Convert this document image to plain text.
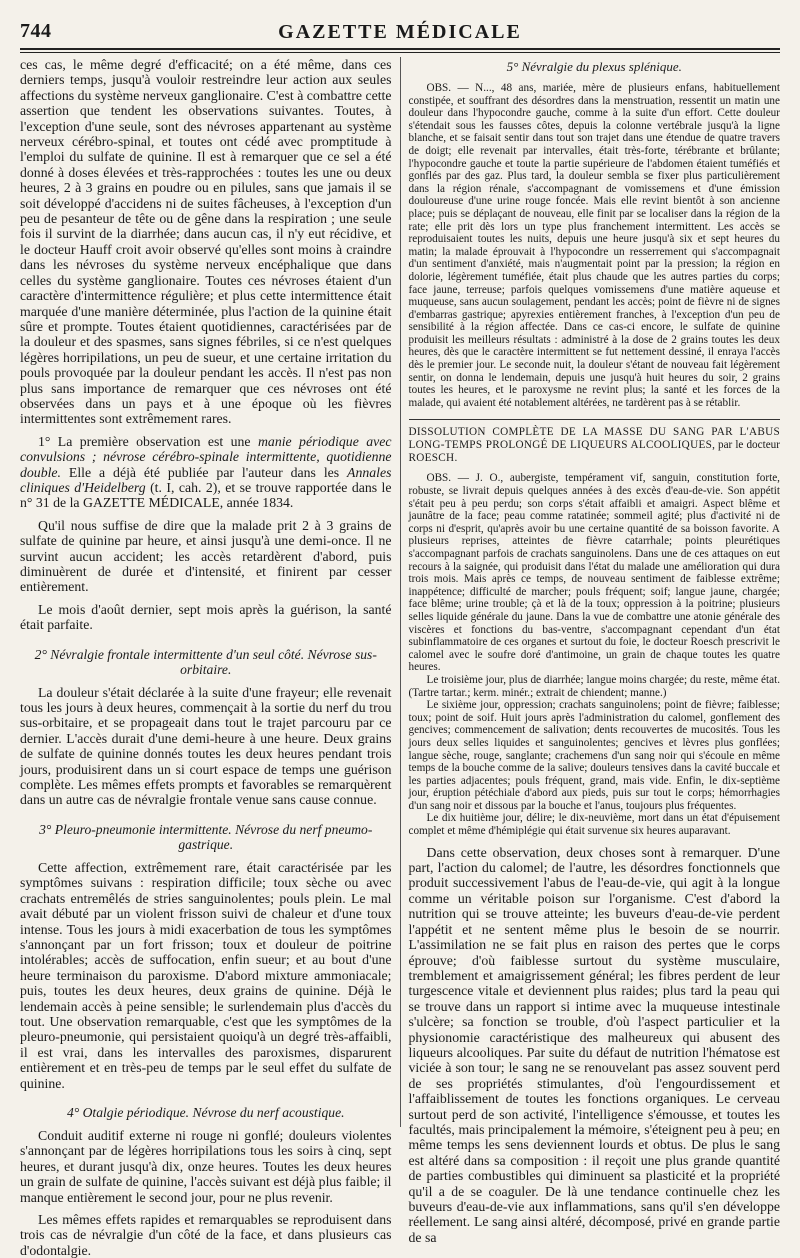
744	GAZETTE MÉDICALE

ces cas, le même degré d'efficacité; on a été même, dans ces derniers temps, jusqu'à vouloir restreindre leur action aux seules affections du système nerveux ganglionaire. C'est à combattre cette assertion que tendent les observations suivantes. Toutes, à l'exception d'une seule, sont des névroses appartenant au système nerveux cérébro-spinal, et toutes ont cédé avec promptitude à l'emploi du sulfate de quinine. Il est à remarquer que ce sel a été donné à doses élevées et très-rapprochées : toutes les une ou deux heures, 2 à 3 grains en poudre ou en pilules, sans que jamais il se soit développé d'accidens ni de suites fâcheuses, à l'exception d'un peu de pesanteur de tête ou de gêne dans la respiration ; une seule fois il survint de la diarrhée; dans aucun cas, il n'y eut récidive, et le docteur Hauff croit avoir observé qu'elles sont moins à craindre dans les névroses du système nerveux encéphalique que dans celles du système ganglionaire. Toutes ces névroses étaient d'un caractère d'intermittence régulière; et plus cette intermittence était marquée d'une manière déterminée, plus l'action de la quinine était sûre et prompte. Toutes étaient quotidiennes, caractérisées par de la douleur et des spasmes, sans signes fébriles, si ce n'est quelques légères horripilations, un peu de sueur, et une certaine irritation du pouls provoquée par la douleur pendant les accès. Il n'est pas non plus sans importance de remarquer que ces névroses ont été observées dans un pays et à une époque où les fièvres intermittentes sont extrêmement rares.

1° La première observation est une manie périodique avec convulsions ; névrose cérébro-spinale intermittente, quotidienne double. Elle a déjà été publiée par l'auteur dans les Annales cliniques d'Heidelberg (t. I, cah. 2), et se trouve rapportée dans le n° 31 de la GAZETTE MÉDICALE, année 1834.

Qu'il nous suffise de dire que la malade prit 2 à 3 grains de sulfate de quinine par heure, et ainsi jusqu'à une demi-once. Il ne survint aucun accident; les accès retardèrent d'abord, puis diminuèrent de durée et d'intensité, et finirent par cesser entièrement.

Le mois d'août dernier, sept mois après la guérison, la santé était parfaite.

2° Névralgie frontale intermittente d'un seul côté. Névrose sus-orbitaire.

La douleur s'était déclarée à la suite d'une frayeur; elle revenait tous les jours à deux heures, commençait à la sortie du nerf du trou sus-orbitaire, et se propageait dans tout le trajet parcouru par ce dernier. L'accès durait d'une demi-heure à une heure. Deux grains de sulfate de quinine donnés toutes les deux heures pendant trois jours, produisirent dans un si court espace de temps une guérison complète. Les mêmes effets prompts et favorables se remarquèrent dans un autre cas de névralgie frontale venue sans cause connue.

3° Pleuro-pneumonie intermittente. Névrose du nerf pneumo-gastrique.

Cette affection, extrêmement rare, était caractérisée par les symptômes suivans : respiration difficile; toux sèche ou avec crachats entremêlés de stries sanguinolentes; pouls plein. Le mal avait débuté par un violent frisson suivi de chaleur et d'une toux intense. Tous les jours à midi exacerbation de tous les symptômes s'annonçant par un fort frisson; toux et douleur de poitrine intolérables; accès de suffocation, enfin sueur; et au bout d'une heure terminaison du paroxisme. D'abord mixture ammoniacale; puis, toutes les deux heures, deux grains de quinine. Déjà le lendemain accès à peine sensible; le surlendemain plus d'accès du tout. Une observation remarquable, c'est que les symptômes de la pleuro-pneumonie, qui persistaient quoiqu'à un degré très-affaibli, il est vrai, dans les intervalles des paroxismes, disparurent entièrement et en très-peu de temps par le seul effet du sulfate de quinine.

4° Otalgie périodique. Névrose du nerf acoustique.

Conduit auditif externe ni rouge ni gonflé; douleurs violentes s'annonçant par de légères horripilations tous les soirs à cinq, sept heures, et durant jusqu'à dix, onze heures. Toutes les deux heures un grain de sulfate de quinine, l'accès suivant est déjà plus faible; il manque entièrement le second jour, pour ne plus revenir.

Les mêmes effets rapides et remarquables se reproduisent dans trois cas de névralgie d'un côté de la face, et dans plusieurs cas d'odontalgie.

5° Névralgie du plexus splénique.

OBS. — N..., 48 ans, mariée, mère de plusieurs enfans, habituellement constipée, et souffrant des désordres dans la menstruation, ressentit un matin une douleur dans l'hypocondre gauche, comme à la suite d'un effort. Cette douleur s'étendait sous les fausses côtes, depuis la colonne vertébrale jusqu'à la ligne blanche, et se faisait sentir dans tout son trajet dans une étendue de quatre travers de doigt; elle revenait par intervalles, était très-forte, térébrante et brûlante; l'hypocondre gauche et toute la partie supérieure de l'abdomen étaient tuméfiés et gonflés par des gaz. Plus tard, la douleur sembla se fixer plus particulièrement dans la région rénale, s'accompagnant de vomissemens et d'une émission douloureuse d'une urine rouge foncée. Mais elle revint bientôt à son ancienne place; puis se déplaçant de nouveau, elle finit par se localiser dans la région de la rate; elle prit dès lors un type plus franchement intermittent. Les accès se reproduisaient toutes les nuits, depuis une heure jusqu'à six et sept heures du matin; la malade éprouvait à l'hypocondre un resserrement qui s'accompagnait d'un sentiment d'anxiété, mais n'augmentait point par la pression; la région en dolorie, légèrement tuméfiée, était plus chaude que les autres parties du corps; face jaune, terreuse; parfois quelques vomissemens d'une matière aqueuse et muqueuse, sans aucun soulagement, pendant les accès; point de fièvre ni de signes d'embarras gastrique; apyrexies entièrement franches, à l'exception d'un peu de sensibilité à la région affectée. Dans ce cas-ci encore, le sulfate de quinine produisit les meilleurs résultats : administré à la dose de 2 grains toutes les deux heures, dès que le caractère intermittent se fut nettement dessiné, il enraya l'accès dès le premier jour. Le seconde nuit, la douleur s'étant de nouveau fait légèrement sentir, on donna le lendemain, depuis une jusqu'à huit heures du soir, 2 grains toutes les heures, et le paroxysme ne revint plus; la santé et les forces de la malade, qui avaient été notablement altérées, ne tardèrent pas à se rétablir.

DISSOLUTION COMPLÈTE DE LA MASSE DU SANG PAR L'ABUS LONG-TEMPS PROLONGÉ DE LIQUEURS ALCOOLIQUES, par le docteur ROESCH.

OBS. — J. O., aubergiste, tempérament vif, sanguin, constitution forte, robuste, se livrait depuis quelques années à des excès d'eau-de-vie. Son appétit s'était peu à peu perdu; son corps s'était affaibli et amaigri. Aspect blême et jaunâtre de la face; peau comme ratatinée; sommeil agité; plus d'activité ni de corps ni d'esprit, qu'après avoir bu une certaine quantité de sa boisson favorite. A plusieurs reprises, atteintes de fièvre catarrhale; points pleurétiques s'accompagnant parfois de crachats sanguinolens. Dans une de ces attaques on eut recours à la saignée, qui produisit dans l'état du malade une amélioration qui dura trois mois. Mais après ce temps, de nouveau sentiment de faiblesse extrême; inappétence; difficulté de marcher; pouls fréquent; soif; langue jaune, chargée; face blême; urine trouble; çà et là de la toux; oppression à la poitrine; plusieurs selles liquide générale du jaune. Dans la vue de combattre une atonie générale des viscères et fonctions du bas-ventre, s'accompagnant cependant d'un état subinflammatoire de ces organes et surtout du foie, le docteur Roesch prescrivit le calomel avec le soufre doré d'antimoine, un grain de chaque toutes les quatre heures.

Le troisième jour, plus de diarrhée; langue moins chargée; du reste, même état. (Tartre tartar.; kerm. minér.; extrait de chiendent; manne.)

Le sixième jour, oppression; crachats sanguinolens; point de fièvre; faiblesse; toux; point de soif. Huit jours après l'administration du calomel, gonflement des gencives; commencement de salivation; dents recouvertes de mucosités. Tous les jours deux selles liquides et sanguinolentes; gencives et lèvres plus gonflées; langue sèche, rouge, sanglante; crachemens d'un sang noir qui s'écoule en même temps de la bouche comme de la salive; douleurs tensives dans la cavité buccale et les parties adjacentes; pouls fréquent, grand, mais vide. Enfin, le dix-septième jour, éruption pétéchiale d'abord aux pieds, puis sur tout le corps; hémorrhagies d'un sang noir et dissous par la bouche et l'anus, toujours plus fréquentes.

Le dix huitième jour, délire; le dix-neuvième, mort dans un état d'épuisement complet et même d'hémiplégie qui était survenue six heures auparavant.

Dans cette observation, deux choses sont à remarquer. D'une part, l'action du calomel; de l'autre, les désordres fonctionnels que produit successivement l'abus de l'eau-de-vie, qui agit à la longue comme un véritable poison sur l'organisme. C'est d'abord la nutrition qui se trouve atteinte; les buveurs d'eau-de-vie perdent l'appétit et ne sentent même plus le besoin de se nourrir. L'assimilation ne se fait plus en raison des pertes que le corps éprouve; d'où faiblesse surtout du système musculaire, tremblement et amaigrissement général; les fibres perdent de leur turgescence vitale et deviennent plus raides; plus tard la peau qui se trouve dans un rapport si intime avec la muqueuse intestinale s'ulcère; sa fonction se trouble, d'où l'aspect particulier et la physionomie caractéristique des malheureux qui abusent des liqueurs alcooliques. Par suite du défaut de nutrition l'hématose est viciée à son tour; le sang ne se renouvelant pas assez souvent perd de ses propriétés stimulantes, d'où l'engourdissement et l'affaiblissement de toutes les fonctions organiques. Le cerveau surtout perd de son activité, l'intelligence s'émousse, et toutes les facultés, mais principalement la mémoire, s'éteignent peu à peu; en même temps les sens deviennent lourds et obtus. De plus le sang est altéré dans sa composition : il reçoit une plus grande quantité de parties combustibles qui diminuent sa plasticité et la propriété qu'il a de se coaguler. De là une tendance continuelle chez les buveurs d'eau-de-vie aux inflammations, sans qu'il s'en développe réellement. Le sang ainsi altéré, décomposé, privé en grande partie de sa
